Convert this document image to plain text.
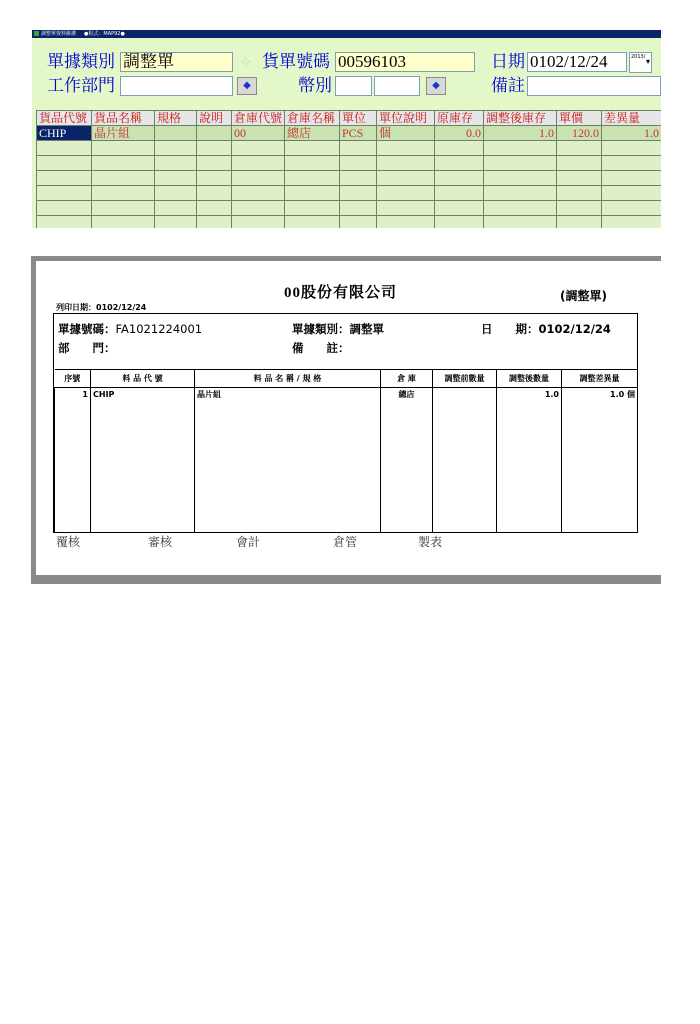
調整單資料維護 ●程式：MAP92●
單據類別 調整單	✧ 貨單號碼 00596103	日期 0102/12/24	2013/ ▾
工作部門	◆	幣別	◆	備註
貨品代號	貨品名稱	規格	說明	倉庫代號	倉庫名稱	單位	單位說明	原庫存	調整後庫存	單價	差異量
CHIP	晶片組			00	總店	PCS	個	0.0	1.0	120.0	1.0

00股份有限公司	(調整單)
列印日期：0102/12/24
單據號碼：FA1021224001	單據類別：調整單	日　　期：0102/12/24
部　　門：	備　　註：
序號	料 品 代 號	料 品 名 稱 / 規 格	倉 庫	調整前數量	調整後數量	調整差異量
1	CHIP	晶片組	總店		1.0	1.0 個

覆核	審核	會計	倉管	製表
